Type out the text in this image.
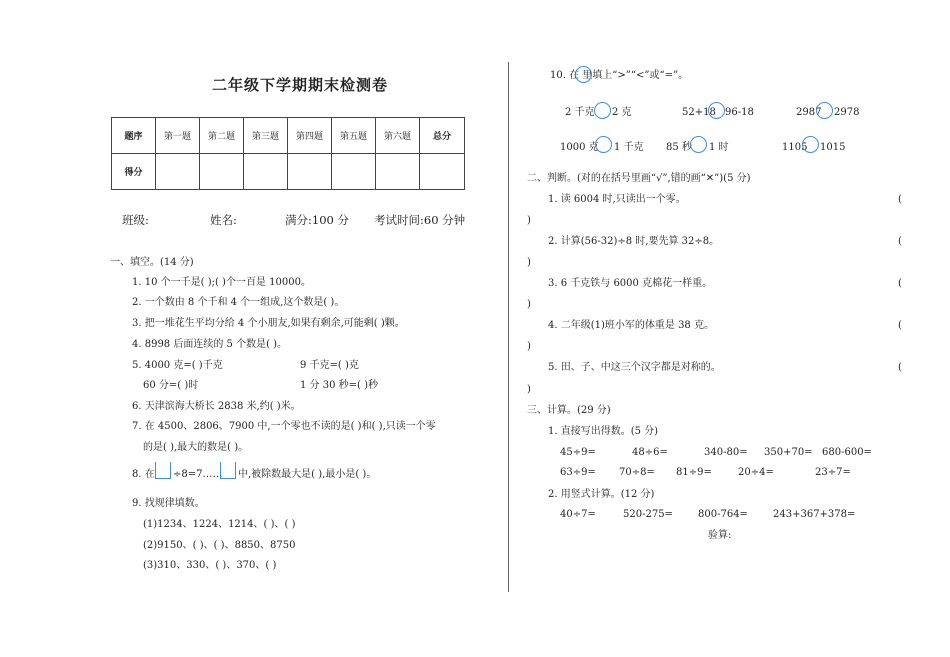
二年级下学期期末检测卷
题序	第一题	第二题	第三题	第四题	第五题	第六题	总分
得分							
班级:	姓名:	满分:100 分 考试时间:60 分钟
一、填空。(14 分)
1. 10 个一千是( );( )个一百是 10000。
2. 一个数由 8 个千和 4 个一组成,这个数是( )。
3. 把一堆花生平均分给 4 个小朋友,如果有剩余,可能剩( )颗。
4. 8998 后面连续的 5 个数是( )。
5. 4000 克=( )千克	9 千克=( )克
60 分=( )时	1 分 30 秒=( )秒
6. 天津滨海大桥长 2838 米,约( )米。
7. 在 4500、2806、7900 中,一个零也不读的是( )和( ),只读一个零
的是( ),最大的数是( )。
8. 在 ÷8=7…… 中,被除数最大是( ),最小是( )。
9. 找规律填数。
(1)1234、1224、1214、( )、( )
(2)9150、( )、( )、8850、8750
(3)310、330、( )、370、( )
10. 在 里填上“>”“<”或“=”。
2 千克 2 克	52+18 96-18	2987 2978
1000 克 1 千克 85 秒 1 时	1105 1015
二、判断。(对的在括号里画“√”,错的画“✕”)(5 分)
1. 读 6004 时,只读出一个零。	(
)
2. 计算(56-32)÷8 时,要先算 32÷8。	(
)
3. 6 千克铁与 6000 克棉花一样重。	(
)
4. 二年级(1)班小军的体重是 38 克。	(
)
5. 田、子、中这三个汉字都是对称的。	(
)
三、计算。(29 分)
1. 直接写出得数。(5 分)
45÷9=	48÷6=	340-80= 350+70= 680-600=
63÷9= 70÷8= 81÷9=	20÷4=	23÷7=
2. 用竖式计算。(12 分)
40÷7=	520-275=	800-764=	243+367+378=
验算:
